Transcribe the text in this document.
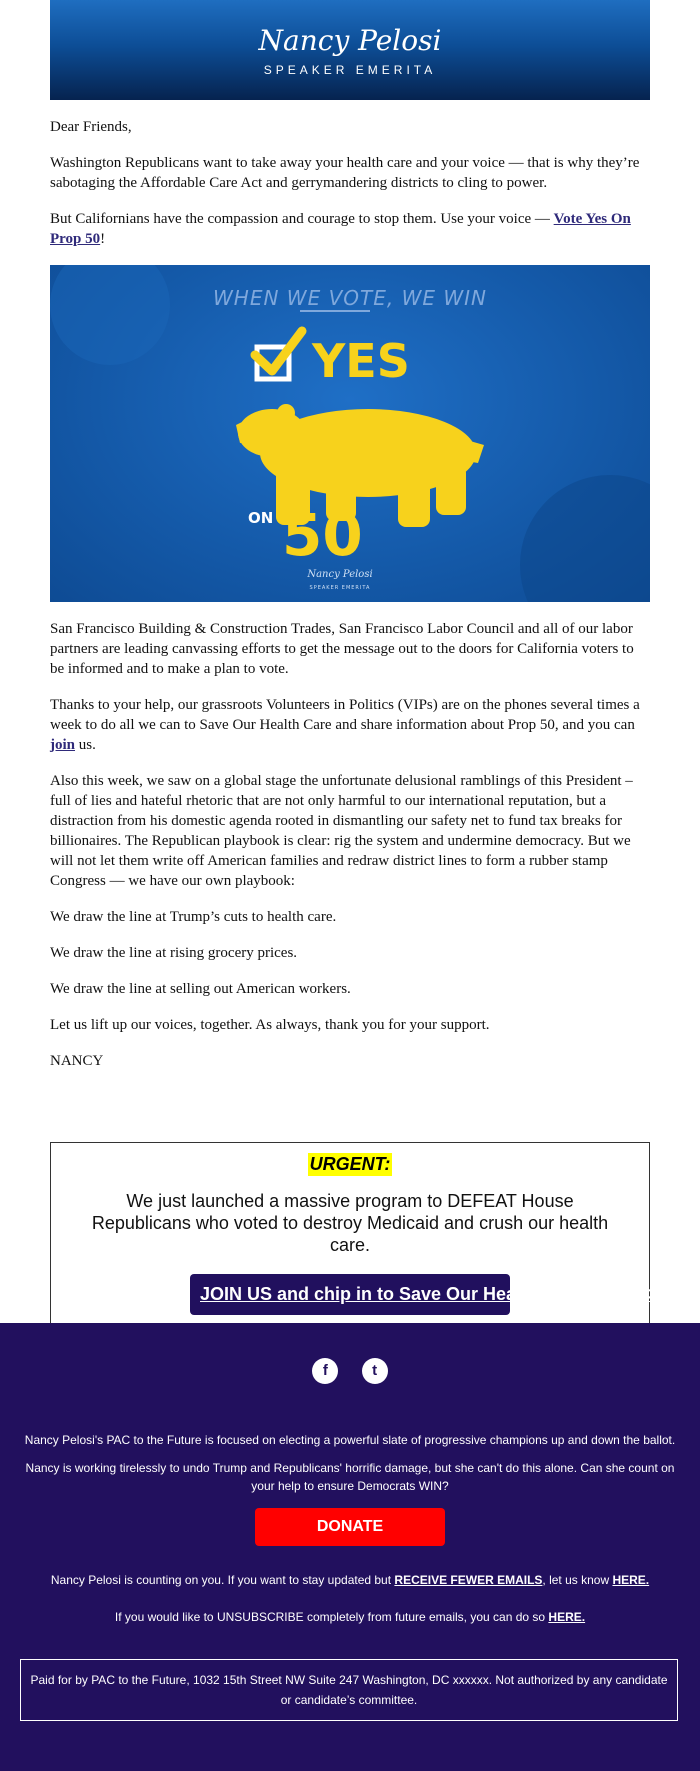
Nancy Pelosi
SPEAKER EMERITA

Dear Friends,

Washington Republicans want to take away your health care and your voice — that is why they’re sabotaging the Affordable Care Act and gerrymandering districts to cling to power.

But Californians have the compassion and courage to stop them. Use your voice — Vote Yes On Prop 50!

WHEN WE VOTE, WE WIN
YES
ON 50
Nancy Pelosi
SPEAKER EMERITA

San Francisco Building & Construction Trades, San Francisco Labor Council and all of our labor partners are leading canvassing efforts to get the message out to the doors for California voters to be informed and to make a plan to vote.

Thanks to your help, our grassroots Volunteers in Politics (VIPs) are on the phones several times a week to do all we can to Save Our Health Care and share information about Prop 50, and you can join us.

Also this week, we saw on a global stage the unfortunate delusional ramblings of this President – full of lies and hateful rhetoric that are not only harmful to our international reputation, but a distraction from his domestic agenda rooted in dismantling our safety net to fund tax breaks for billionaires. The Republican playbook is clear: rig the system and undermine democracy. But we will not let them write off American families and redraw district lines to form a rubber stamp Congress — we have our own playbook:

We draw the line at Trump’s cuts to health care.

We draw the line at rising grocery prices.

We draw the line at selling out American workers.

Let us lift up our voices, together. As always, thank you for your support.

NANCY

URGENT:
We just launched a massive program to DEFEAT House Republicans who voted to destroy Medicaid and crush our health care.
JOIN US and chip in to Save Our Health Care here! >>
f	t
Nancy Pelosi's PAC to the Future is focused on electing a powerful slate of progressive champions up and down the ballot.
Nancy is working tirelessly to undo Trump and Republicans' horrific damage, but she can't do this alone. Can she count on your help to ensure Democrats WIN?
DONATE
Nancy Pelosi is counting on you. If you want to stay updated but RECEIVE FEWER EMAILS, let us know HERE.
If you would like to UNSUBSCRIBE completely from future emails, you can do so HERE.
Paid for by PAC to the Future, 1032 15th Street NW Suite 247 Washington, DC xxxxxx. Not authorized by any candidate or candidate’s committee.
